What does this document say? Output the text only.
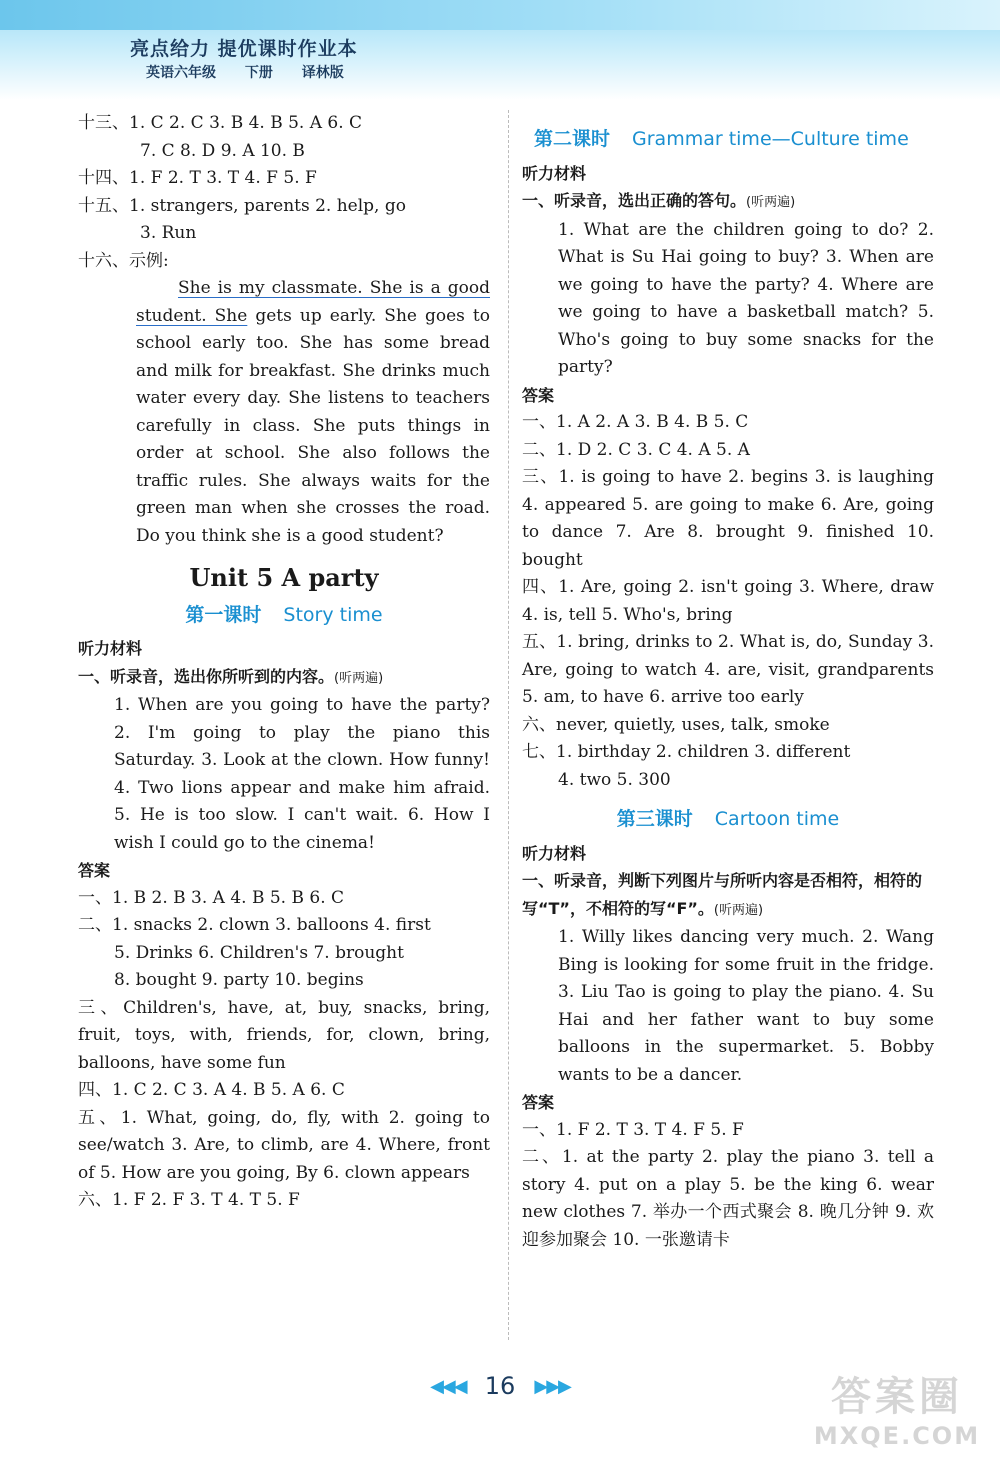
亮点给力 提优课时作业本
英语六年级 下册 译林版
十三、1. C 2. C 3. B 4. B 5. A 6. C
7. C 8. D 9. A 10. B
十四、1. F 2. T 3. T 4. F 5. F
十五、1. strangers, parents 2. help, go
3. Run
十六、示例:
She is my classmate. She is a good student. She gets up early. She goes to school early too. She has some bread and milk for breakfast. She drinks much water every day. She listens to teachers carefully in class. She puts things in order at school. She also follows the traffic rules. She always waits for the green man when she crosses the road. Do you think she is a good student?
Unit 5 A party
第一课时 Story time
听力材料
一、听录音，选出你所听到的内容。(听两遍)
1. When are you going to have the party? 2. I'm going to play the piano this Saturday. 3. Look at the clown. How funny! 4. Two lions appear and make him afraid. 5. He is too slow. I can't wait. 6. How I wish I could go to the cinema!
答案
一、1. B 2. B 3. A 4. B 5. B 6. C
二、1. snacks 2. clown 3. balloons 4. first
5. Drinks 6. Children's 7. brought
8. bought 9. party 10. begins
三、Children's, have, at, buy, snacks, bring, fruit, toys, with, friends, for, clown, bring, balloons, have some fun
四、1. C 2. C 3. A 4. B 5. A 6. C
五、1. What, going, do, fly, with 2. going to see/watch 3. Are, to climb, are 4. Where, front of 5. How are you going, By 6. clown appears
六、1. F 2. F 3. T 4. T 5. F
第二课时 Grammar time—Culture time
听力材料
一、听录音，选出正确的答句。(听两遍)
1. What are the children going to do? 2. What is Su Hai going to buy? 3. When are we going to have the party? 4. Where are we going to have a basketball match? 5. Who's going to buy some snacks for the party?
答案
一、1. A 2. A 3. B 4. B 5. C
二、1. D 2. C 3. C 4. A 5. A
三、1. is going to have 2. begins 3. is laughing 4. appeared 5. are going to make 6. Are, going to dance 7. Are 8. brought 9. finished 10. bought
四、1. Are, going 2. isn't going 3. Where, draw 4. is, tell 5. Who's, bring
五、1. bring, drinks to 2. What is, do, Sunday 3. Are, going to watch 4. are, visit, grandparents 5. am, to have 6. arrive too early
六、never, quietly, uses, talk, smoke
七、1. birthday 2. children 3. different
4. two 5. 300
第三课时 Cartoon time
听力材料
一、听录音，判断下列图片与所听内容是否相符，相符的写“T”，不相符的写“F”。(听两遍)
1. Willy likes dancing very much. 2. Wang Bing is looking for some fruit in the fridge. 3. Liu Tao is going to play the piano. 4. Su Hai and her father want to buy some balloons in the supermarket. 5. Bobby wants to be a dancer.
答案
一、1. F 2. T 3. T 4. F 5. F
二、1. at the party 2. play the piano 3. tell a story 4. put on a play 5. be the king 6. wear new clothes 7. 举办一个西式聚会 8. 晚几分钟 9. 欢迎参加聚会 10. 一张邀请卡
◀◀◀ 16 ▶▶▶	答案圈
MXQE.COM
